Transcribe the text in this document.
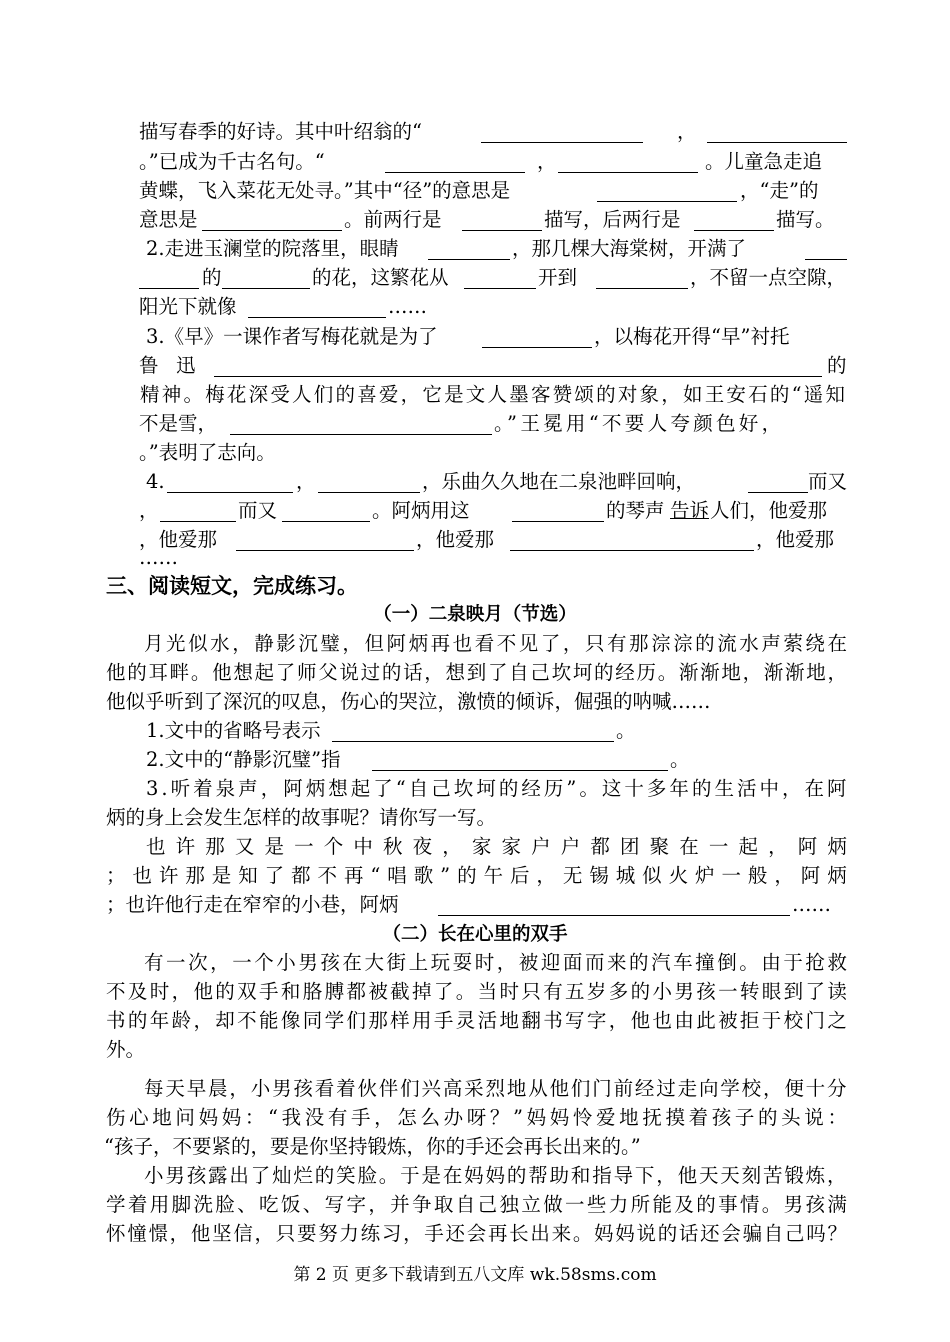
描写春季的好诗。其中叶绍翁的“	，
。”已成为千古名句。“	，	。儿童急走追
黄蝶，飞入菜花无处寻。”其中“径”的意思是	，“走”的
意思是	。前两行是	描写，后两行是	描写。
2.走进玉澜堂的院落里，眼睛	，那几棵大海棠树，开满了
的	的花，这繁花从	开到	，不留一点空隙，
阳光下就像	……
3.《早》一课作者写梅花就是为了	，以梅花开得“早”衬托
鲁 迅	的
精 神 。 梅 花 深 受 人 们 的 喜 爱 ， 它 是 文 人 墨 客 赞 颂 的 对 象 ， 如 王 安 石 的 “ 遥 知
不是雪，	。”王冕用“不要人夸颜色好，
。”表明了志向。
4.	，	，乐曲久久地在二泉池畔回响，	而又
，	而又	。阿炳用这	的琴声 告诉 人们，他爱那
，他爱那	，他爱那	，他爱那
……
三、阅读短文，完成练习。
（一）二泉映月（节选）
月 光 似 水 ， 静 影 沉 璧 ， 但 阿 炳 再 也 看 不 见 了 ， 只 有 那 淙 淙 的 流 水 声 萦 绕 在
他 的 耳 畔 。 他 想 起 了 师 父 说 过 的 话 ， 想 到 了 自 己 坎 坷 的 经 历 。 渐 渐 地 ， 渐 渐 地 ，
他似乎听到了深沉的叹息，伤心的哭泣，激愤的倾诉，倔强的呐喊……
1.文中的省略号表示	。
2.文中的“静影沉璧”指	。
3 . 听 着 泉 声 ， 阿 炳 想 起 了 “ 自 己 坎 坷 的 经 历 ” 。 这 十 多 年 的 生 活 中 ， 在 阿
炳的身上会发生怎样的故事呢？请你写一写。
也 许 那 又 是 一 个 中 秋 夜 ， 家 家 户 户 都 团 聚 在 一 起 ， 阿 炳
； 也 许 那 是 知 了 都 不 再 “ 唱 歌 ” 的 午 后 ， 无 锡 城 似 火 炉 一 般 ， 阿 炳
；也许他行走在窄窄的小巷，阿炳	……
（二）长在心里的双手
有 一 次 ， 一 个 小 男 孩 在 大 街 上 玩 耍 时 ， 被 迎 面 而 来 的 汽 车 撞 倒 。 由 于 抢 救
不 及 时 ， 他 的 双 手 和 胳 膊 都 被 截 掉 了 。 当 时 只 有 五 岁 多 的 小 男 孩 一 转 眼 到 了 读
书 的 年 龄 ， 却 不 能 像 同 学 们 那 样 用 手 灵 活 地 翻 书 写 字 ， 他 也 由 此 被 拒 于 校 门 之
外。
每 天 早 晨 ， 小 男 孩 看 着 伙 伴 们 兴 高 采 烈 地 从 他 们 门 前 经 过 走 向 学 校 ， 便 十 分
伤 心 地 问 妈 妈 ： “ 我 没 有 手 ， 怎 么 办 呀 ？ ” 妈 妈 怜 爱 地 抚 摸 着 孩 子 的 头 说 ：
“孩子，不要紧的，要是你坚持锻炼，你的手还会再长出来的。”
小 男 孩 露 出 了 灿 烂 的 笑 脸 。 于 是 在 妈 妈 的 帮 助 和 指 导 下 ， 他 天 天 刻 苦 锻 炼 ，
学 着 用 脚 洗 脸 、 吃 饭 、 写 字 ， 并 争 取 自 己 独 立 做 一 些 力 所 能 及 的 事 情 。 男 孩 满
怀 憧 憬 ， 他 坚 信 ， 只 要 努 力 练 习 ， 手 还 会 再 长 出 来 。 妈 妈 说 的 话 还 会 骗 自 己 吗 ？
第 2 页 更多下载请到五八文库 wk.58sms.com
